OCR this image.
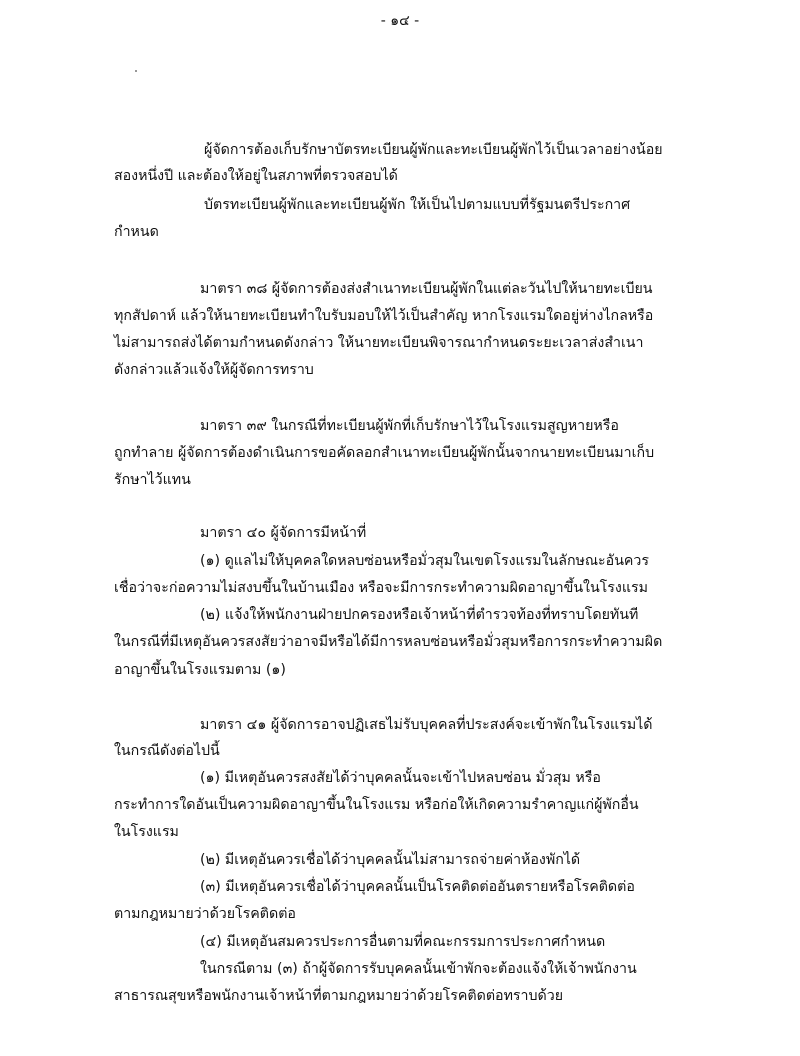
- ๑๔ -
ผู้จัดการต้องเก็บรักษาบัตรทะเบียนผู้พักและทะเบียนผู้พักไว้เป็นเวลาอย่างน้อย
สองหนึ่งปี และต้องให้อยู่ในสภาพที่ตรวจสอบได้
บัตรทะเบียนผู้พักและทะเบียนผู้พัก ให้เป็นไปตามแบบที่รัฐมนตรีประกาศ
กำหนด
มาตรา ๓๘ ผู้จัดการต้องส่งสำเนาทะเบียนผู้พักในแต่ละวันไปให้นายทะเบียน
ทุกสัปดาห์ แล้วให้นายทะเบียนทำใบรับมอบให้ไว้เป็นสำคัญ หากโรงแรมใดอยู่ห่างไกลหรือ
ไม่สามารถส่งได้ตามกำหนดดังกล่าว ให้นายทะเบียนพิจารณากำหนดระยะเวลาส่งสำเนา
ดังกล่าวแล้วแจ้งให้ผู้จัดการทราบ
มาตรา ๓๙ ในกรณีที่ทะเบียนผู้พักที่เก็บรักษาไว้ในโรงแรมสูญหายหรือ
ถูกทำลาย ผู้จัดการต้องดำเนินการขอคัดลอกสำเนาทะเบียนผู้พักนั้นจากนายทะเบียนมาเก็บ
รักษาไว้แทน
มาตรา ๔๐ ผู้จัดการมีหน้าที่
(๑) ดูแลไม่ให้บุคคลใดหลบซ่อนหรือมั่วสุมในเขตโรงแรมในลักษณะอันควร
เชื่อว่าจะก่อความไม่สงบขึ้นในบ้านเมือง หรือจะมีการกระทำความผิดอาญาขึ้นในโรงแรม
(๒) แจ้งให้พนักงานฝ่ายปกครองหรือเจ้าหน้าที่ตำรวจท้องที่ทราบโดยทันที
ในกรณีที่มีเหตุอันควรสงสัยว่าอาจมีหรือได้มีการหลบซ่อนหรือมั่วสุมหรือการกระทำความผิด
อาญาขึ้นในโรงแรมตาม (๑)
มาตรา ๔๑ ผู้จัดการอาจปฏิเสธไม่รับบุคคลที่ประสงค์จะเข้าพักในโรงแรมได้
ในกรณีดังต่อไปนี้
(๑) มีเหตุอันควรสงสัยได้ว่าบุคคลนั้นจะเข้าไปหลบซ่อน มั่วสุม หรือ
กระทำการใดอันเป็นความผิดอาญาขึ้นในโรงแรม หรือก่อให้เกิดความรำคาญแก่ผู้พักอื่น
ในโรงแรม
(๒) มีเหตุอันควรเชื่อได้ว่าบุคคลนั้นไม่สามารถจ่ายค่าห้องพักได้
(๓) มีเหตุอันควรเชื่อได้ว่าบุคคลนั้นเป็นโรคติดต่ออันตรายหรือโรคติดต่อ
ตามกฎหมายว่าด้วยโรคติดต่อ
(๔) มีเหตุอันสมควรประการอื่นตามที่คณะกรรมการประกาศกำหนด
ในกรณีตาม (๓) ถ้าผู้จัดการรับบุคคลนั้นเข้าพักจะต้องแจ้งให้เจ้าพนักงาน
สาธารณสุขหรือพนักงานเจ้าหน้าที่ตามกฎหมายว่าด้วยโรคติดต่อทราบด้วย
